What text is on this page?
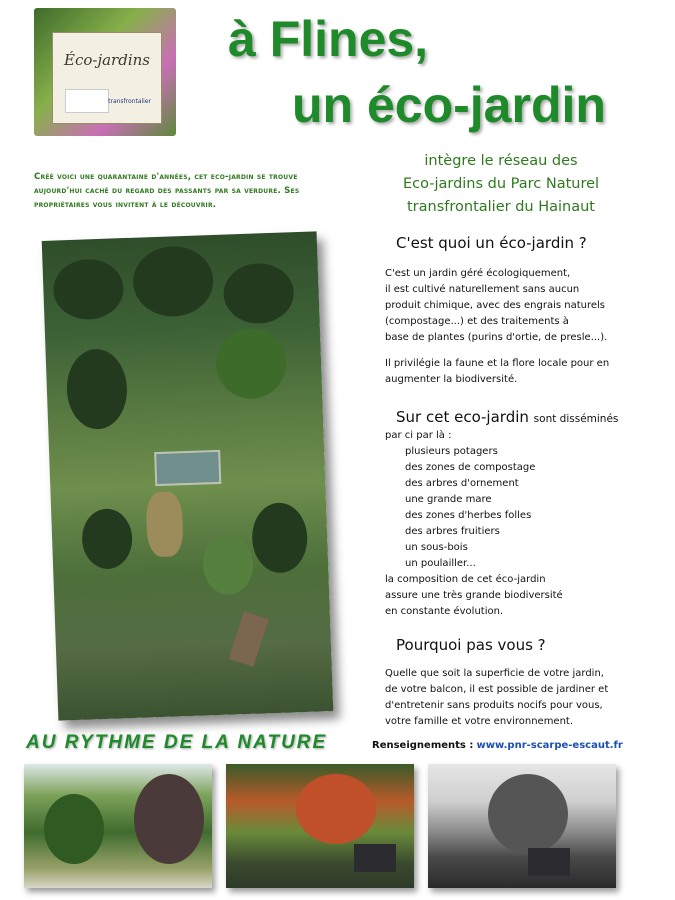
Éco-jardins
transfrontalier
à Flines,
un éco-jardin
Créé voici une quarantaine d'années, cet eco-jardin se trouve aujourd'hui caché du regard des passants par sa verdure. Ses propriétaires vous invitent à le découvrir.
intègre le réseau des
Eco-jardins du Parc Naturel
transfrontalier du Hainaut
C'est quoi un éco-jardin ?
C'est un jardin géré écologiquement,
il est cultivé naturellement sans aucun
produit chimique, avec des engrais naturels
(compostage...) et des traitements à
base de plantes (purins d'ortie, de presle...).
Il privilégie la faune et la flore locale pour en
augmenter la biodiversité.
Sur cet eco-jardin sont disséminés
par ci par là :
plusieurs potagers
des zones de compostage
des arbres d'ornement
une grande mare
des zones d'herbes folles
des arbres fruitiers
un sous-bois
un poulailler...
la composition de cet éco-jardin
assure une très grande biodiversité
en constante évolution.
Pourquoi pas vous ?
Quelle que soit la superficie de votre jardin,
de votre balcon, il est possible de jardiner et
d'entretenir sans produits nocifs pour vous,
votre famille et votre environnement.
AU RYTHME DE LA NATURE	Renseignements : www.pnr-scarpe-escaut.fr
